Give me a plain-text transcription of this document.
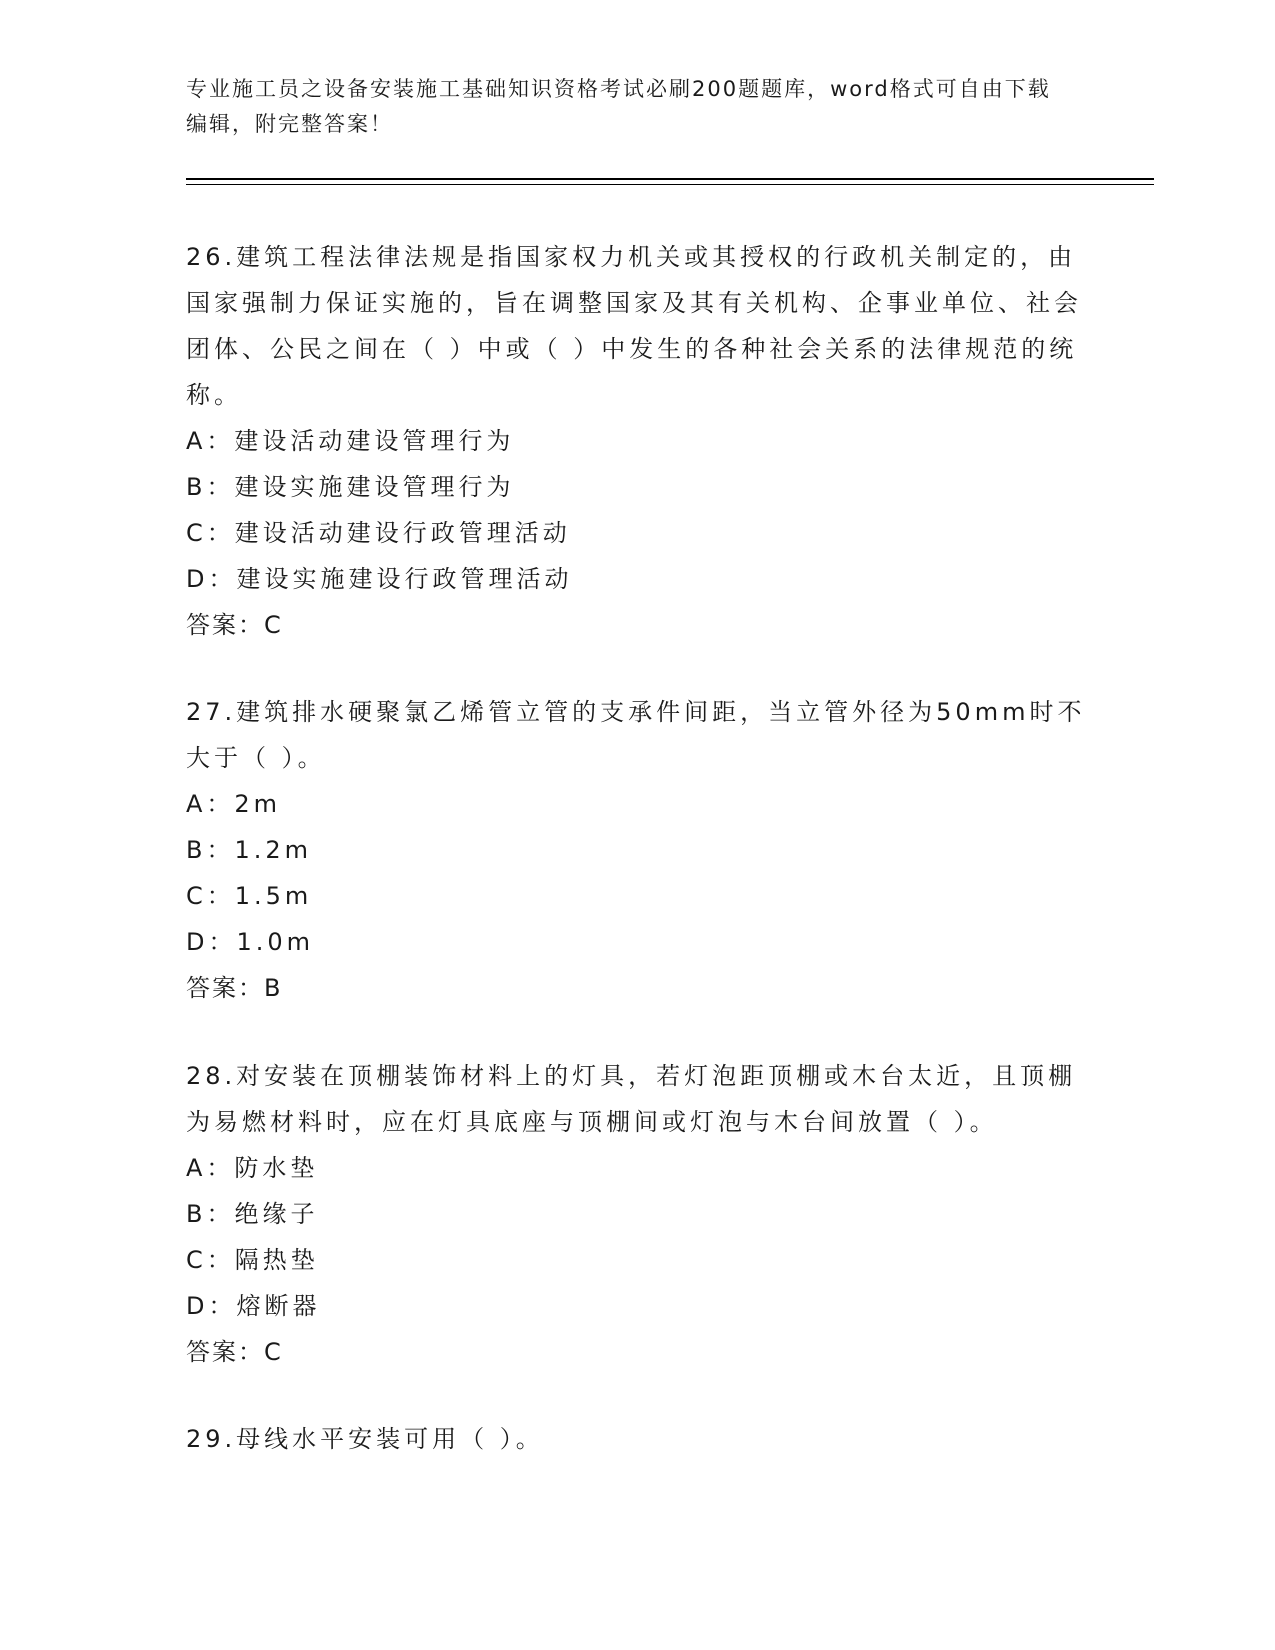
专业施工员之设备安装施工基础知识资格考试必刷200题题库，word格式可自由下载编辑，附完整答案！

26.建筑工程法律法规是指国家权力机关或其授权的行政机关制定的，由国家强制力保证实施的，旨在调整国家及其有关机构、企事业单位、社会团体、公民之间在（ ）中或（ ）中发生的各种社会关系的法律规范的统称。

A：建设活动建设管理行为
B：建设实施建设管理行为
C：建设活动建设行政管理活动
D：建设实施建设行政管理活动
答案：C

27.建筑排水硬聚氯乙烯管立管的支承件间距，当立管外径为50mm时不大于（ ）。

A：2m
B：1.2m
C：1.5m
D：1.0m
答案：B

28.对安装在顶棚装饰材料上的灯具，若灯泡距顶棚或木台太近，且顶棚为易燃材料时，应在灯具底座与顶棚间或灯泡与木台间放置（ ）。

A：防水垫
B：绝缘子
C：隔热垫
D：熔断器
答案：C

29.母线水平安装可用（ ）。
